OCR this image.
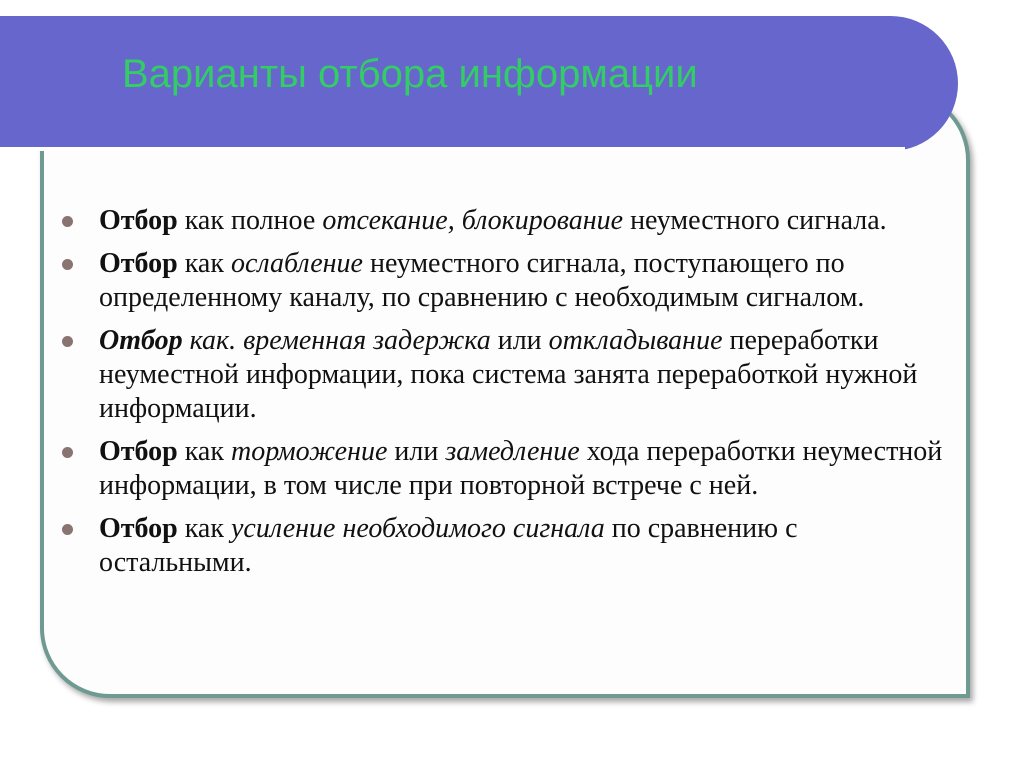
Варианты отбора информации
Отбор как полное отсекание, блокирование неуместного сигнала.
Отбор как ослабление неуместного сигнала, поступающего по определенному каналу, по сравнению с необходимым сигналом.
Отбор как. временная задержка или откладывание переработки неуместной информации, пока система занята переработкой нужной информации.
Отбор как торможение или замедление хода переработки неуместной информации, в том числе при повторной встрече с ней.
Отбор как усиление необходимого сигнала по сравнению с остальными.
